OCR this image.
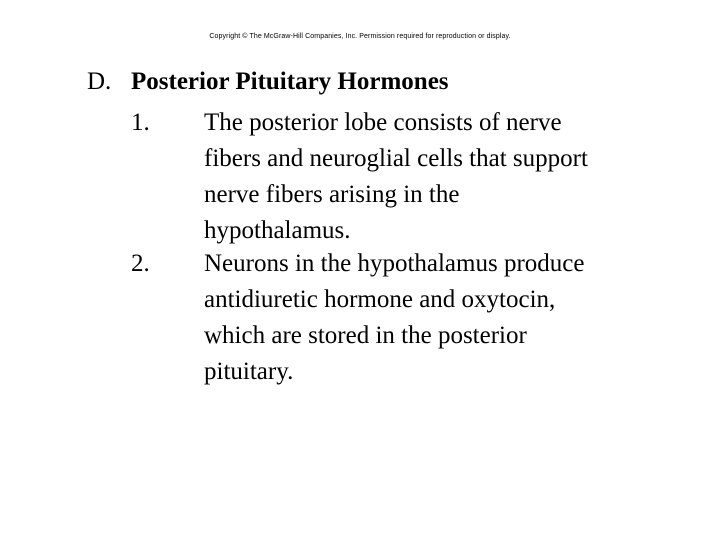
Copyright © The McGraw-Hill Companies, Inc. Permission required for reproduction or display.
D. Posterior Pituitary Hormones
1. The posterior lobe consists of nerve
fibers and neuroglial cells that support
nerve fibers arising in the
hypothalamus.
2. Neurons in the hypothalamus produce
antidiuretic hormone and oxytocin,
which are stored in the posterior
pituitary.
